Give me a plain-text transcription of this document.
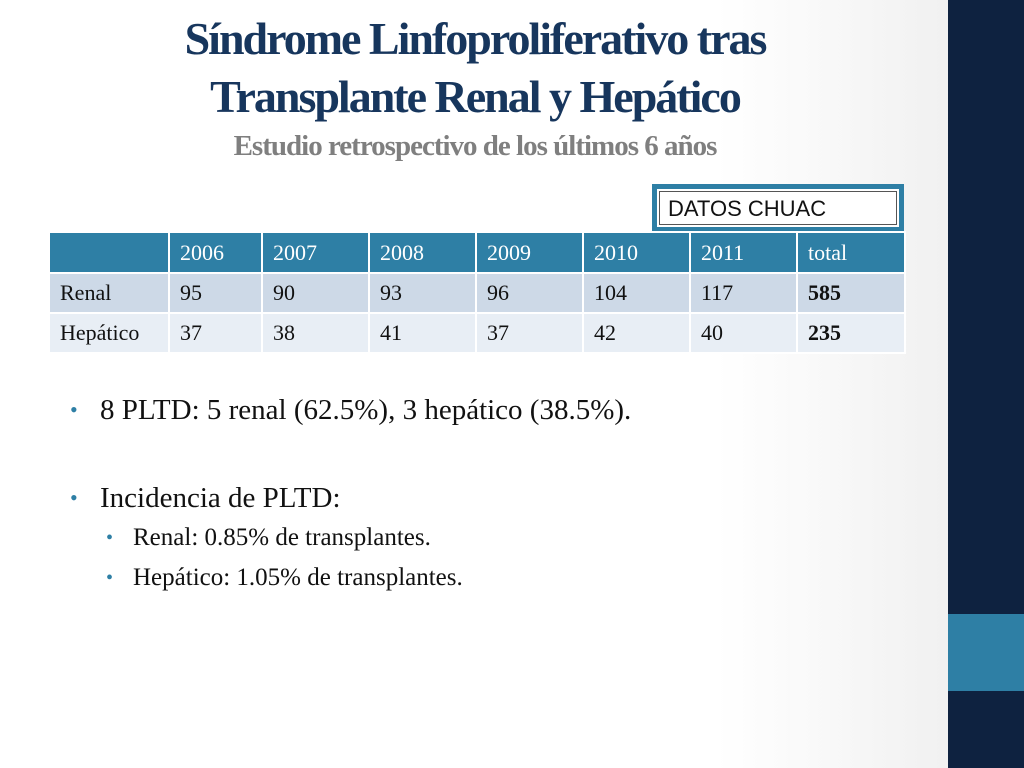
Síndrome Linfoproliferativo tras
Transplante Renal y Hepático
Estudio retrospectivo de los últimos 6 años
DATOS CHUAC
	2006	2007	2008	2009	2010	2011	total
Renal	95	90	93	96	104	117	585
Hepático	37	38	41	37	42	40	235
• 8 PLTD: 5 renal (62.5%), 3 hepático (38.5%).
• Incidencia de PLTD:
• Renal: 0.85% de transplantes.
• Hepático: 1.05% de transplantes.
